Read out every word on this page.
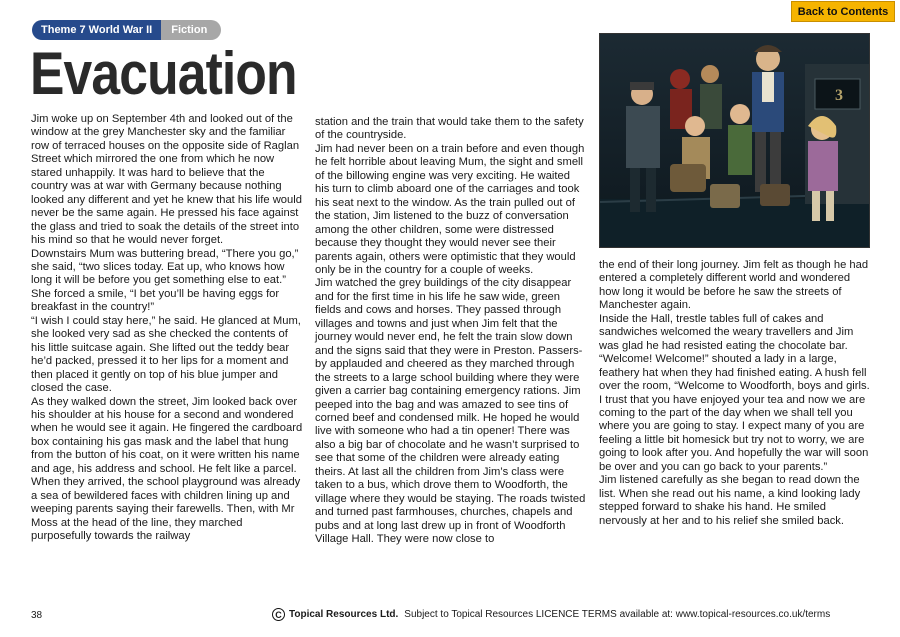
Back to Contents
Theme 7 World War II	Fiction
Evacuation

Jim woke up on September 4th and looked out of the window at the grey Manchester sky and the familiar row of terraced houses on the opposite side of Raglan Street which mirrored the one from which he now stared unhappily. It was hard to believe that the country was at war with Germany because nothing looked any different and yet he knew that his life would never be the same again. He pressed his face against the glass and tried to soak the details of the street into his mind so that he would never forget.

Downstairs Mum was buttering bread, “There you go,” she said, “two slices today. Eat up, who knows how long it will be before you get something else to eat.” She forced a smile, “I bet you’ll be having eggs for breakfast in the country!”

“I wish I could stay here,” he said. He glanced at Mum, she looked very sad as she checked the contents of his little suitcase again. She lifted out the teddy bear he’d packed, pressed it to her lips for a moment and then placed it gently on top of his blue jumper and closed the case.

As they walked down the street, Jim looked back over his shoulder at his house for a second and wondered when he would see it again. He fingered the cardboard box containing his gas mask and the label that hung from the button of his coat, on it were written his name and age, his address and school. He felt like a parcel.

When they arrived, the school playground was already a sea of bewildered faces with children lining up and weeping parents saying their farewells. Then, with Mr Moss at the head of the line, they marched purposefully towards the railway

station and the train that would take them to the safety of the countryside.

Jim had never been on a train before and even though he felt horrible about leaving Mum, the sight and smell of the billowing engine was very exciting. He waited his turn to climb aboard one of the carriages and took his seat next to the window. As the train pulled out of the station, Jim listened to the buzz of conversation among the other children, some were distressed because they thought they would never see their parents again, others were optimistic that they would only be in the country for a couple of weeks.

Jim watched the grey buildings of the city disappear and for the first time in his life he saw wide, green fields and cows and horses. They passed through villages and towns and just when Jim felt that the journey would never end, he felt the train slow down and the signs said that they were in Preston. Passers-by applauded and cheered as they marched through the streets to a large school building where they were given a carrier bag containing emergency rations. Jim peeped into the bag and was amazed to see tins of corned beef and condensed milk. He hoped he would live with someone who had a tin opener! There was also a big bar of chocolate and he wasn’t surprised to see that some of the children were already eating theirs. At last all the children from Jim’s class were taken to a bus, which drove them to Woodforth, the village where they would be staying. The roads twisted and turned past farmhouses, churches, chapels and pubs and at long last drew up in front of Woodforth Village Hall. They were now close to

3

the end of their long journey. Jim felt as though he had entered a completely different world and wondered how long it would be before he saw the streets of Manchester again.

Inside the Hall, trestle tables full of cakes and sandwiches welcomed the weary travellers and Jim was glad he had resisted eating the chocolate bar. “Welcome! Welcome!” shouted a lady in a large, feathery hat when they had finished eating. A hush fell over the room, “Welcome to Woodforth, boys and girls. I trust that you have enjoyed your tea and now we are coming to the part of the day when we shall tell you where you are going to stay. I expect many of you are feeling a little bit homesick but try not to worry, we are going to look after you. And hopefully the war will soon be over and you can go back to your parents.”

Jim listened carefully as she began to read down the list. When she read out his name, a kind looking lady stepped forward to shake his hand. He smiled nervously at her and to his relief she smiled back.

38	C Topical Resources Ltd. Subject to Topical Resources LICENCE TERMS available at: www.topical-resources.co.uk/terms
